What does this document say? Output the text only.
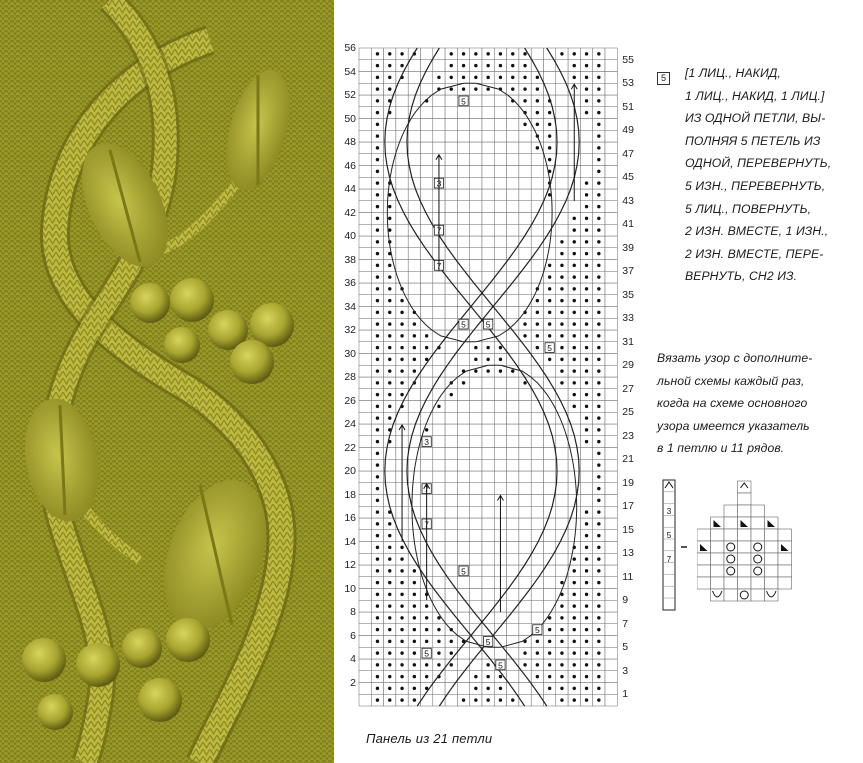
5
3
7
7
5 5
3
7
7
5
5
5
5
5
5
56
54
52
50
48
46
44
42
40
38
36
34
32
30
28
26
24
22
20
18
16
14
12
10
8
6
4
2
55
53
51
49
47
45
43
41
39
37
35
33
31
29
27
25
23
21
19
17
15
13
11
9
7
5
3
1
Панель из 21 петли
5	[1 ЛИЦ., НАКИД,
1 ЛИЦ., НАКИД, 1 ЛИЦ.]
ИЗ ОДНОЙ ПЕТЛИ, ВЫ-
ПОЛНЯЯ 5 ПЕТЕЛЬ ИЗ
ОДНОЙ, ПЕРЕВЕРНУТЬ,
5 ИЗН., ПЕРЕВЕРНУТЬ,
5 ЛИЦ., ПОВЕРНУТЬ,
2 ИЗН. ВМЕСТЕ, 1 ИЗН.,
2 ИЗН. ВМЕСТЕ, ПЕРЕ-
ВЕРНУТЬ, СН2 ИЗ.
Вязать узор с дополните-
льной схемы каждый раз,
когда на схеме основного
узора имеется указатель
в 1 петлю и 11 рядов.
3
5
7
